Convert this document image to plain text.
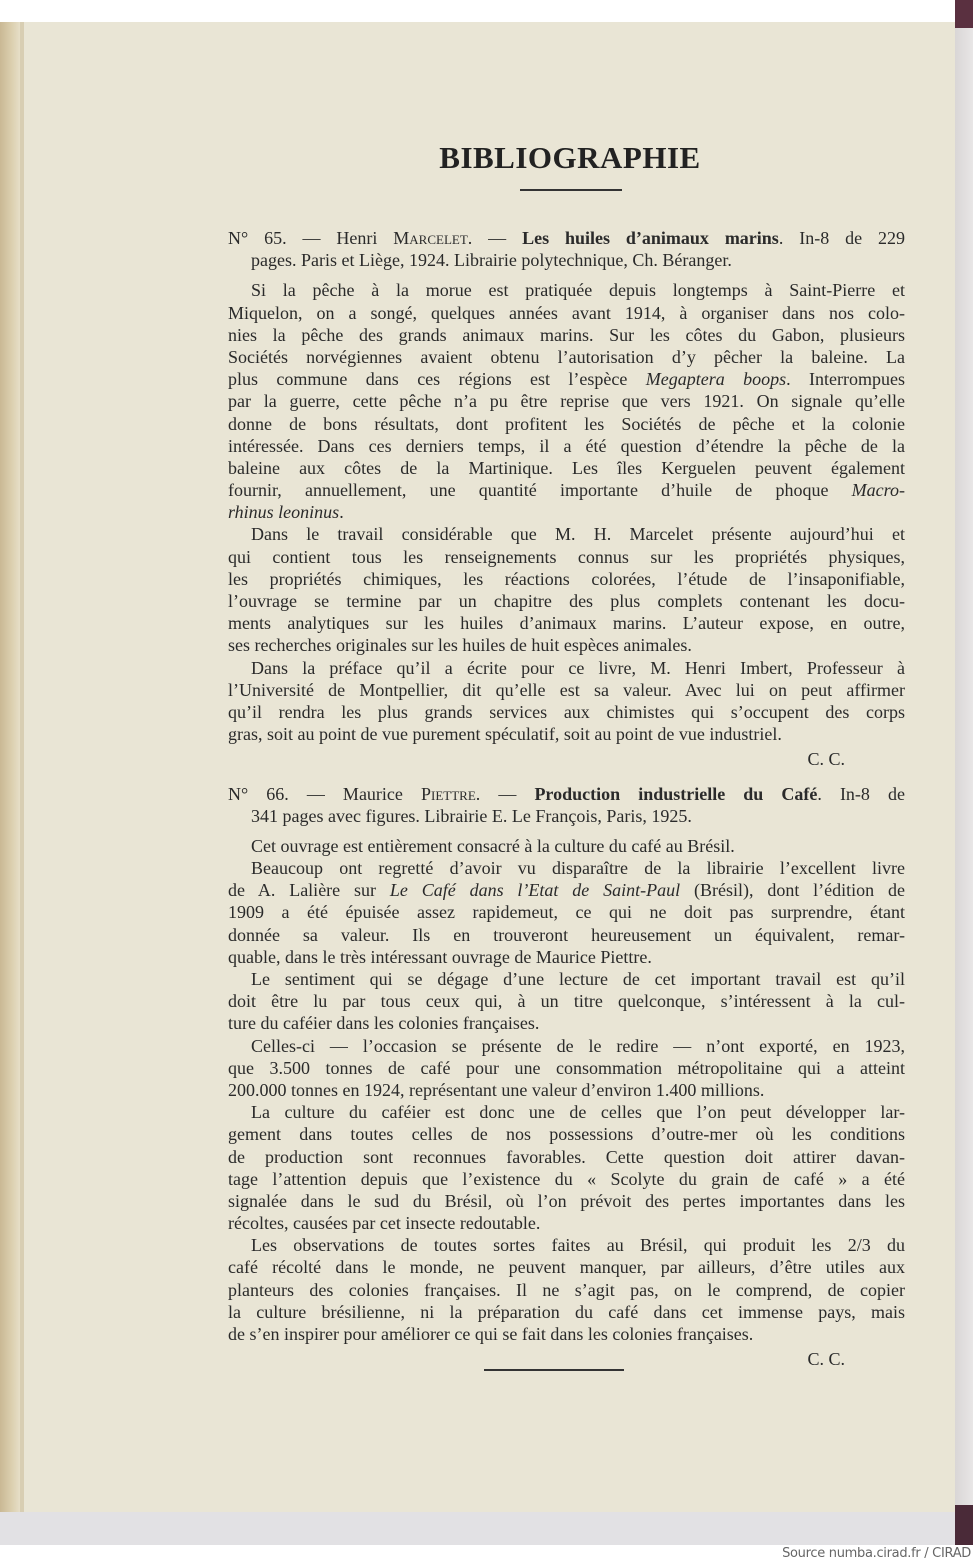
BIBLIOGRAPHIE
N° 65. — Henri Marcelet. — Les huiles d’animaux marins. In-8 de 229
pages. Paris et Liège, 1924. Librairie polytechnique, Ch. Béranger.
Si la pêche à la morue est pratiquée depuis longtemps à Saint-Pierre et
Miquelon, on a songé, quelques années avant 1914, à organiser dans nos colo-
nies la pêche des grands animaux marins. Sur les côtes du Gabon, plusieurs
Sociétés norvégiennes avaient obtenu l’autorisation d’y pêcher la baleine. La
plus commune dans ces régions est l’espèce Megaptera boops. Interrompues
par la guerre, cette pêche n’a pu être reprise que vers 1921. On signale qu’elle
donne de bons résultats, dont profitent les Sociétés de pêche et la colonie
intéressée. Dans ces derniers temps, il a été question d’étendre la pêche de la
baleine aux côtes de la Martinique. Les îles Kerguelen peuvent également
fournir, annuellement, une quantité importante d’huile de phoque Macro-
rhinus leoninus.
Dans le travail considérable que M. H. Marcelet présente aujourd’hui et
qui contient tous les renseignements connus sur les propriétés physiques,
les propriétés chimiques, les réactions colorées, l’étude de l’insaponifiable,
l’ouvrage se termine par un chapitre des plus complets contenant les docu-
ments analytiques sur les huiles d’animaux marins. L’auteur expose, en outre,
ses recherches originales sur les huiles de huit espèces animales.
Dans la préface qu’il a écrite pour ce livre, M. Henri Imbert, Professeur à
l’Université de Montpellier, dit qu’elle est sa valeur. Avec lui on peut affirmer
qu’il rendra les plus grands services aux chimistes qui s’occupent des corps
gras, soit au point de vue purement spéculatif, soit au point de vue industriel.
C. C.
N° 66. — Maurice Piettre. — Production industrielle du Café. In-8 de
341 pages avec figures. Librairie E. Le François, Paris, 1925.
Cet ouvrage est entièrement consacré à la culture du café au Brésil.
Beaucoup ont regretté d’avoir vu disparaître de la librairie l’excellent livre
de A. Lalière sur Le Café dans l’Etat de Saint-Paul (Brésil), dont l’édition de
1909 a été épuisée assez rapidemeut, ce qui ne doit pas surprendre, étant
donnée sa valeur. Ils en trouveront heureusement un équivalent, remar-
quable, dans le très intéressant ouvrage de Maurice Piettre.
Le sentiment qui se dégage d’une lecture de cet important travail est qu’il
doit être lu par tous ceux qui, à un titre quelconque, s’intéressent à la cul-
ture du caféier dans les colonies françaises.
Celles-ci — l’occasion se présente de le redire — n’ont exporté, en 1923,
que 3.500 tonnes de café pour une consommation métropolitaine qui a atteint
200.000 tonnes en 1924, représentant une valeur d’environ 1.400 millions.
La culture du caféier est donc une de celles que l’on peut développer lar-
gement dans toutes celles de nos possessions d’outre-mer où les conditions
de production sont reconnues favorables. Cette question doit attirer davan-
tage l’attention depuis que l’existence du « Scolyte du grain de café » a été
signalée dans le sud du Brésil, où l’on prévoit des pertes importantes dans les
récoltes, causées par cet insecte redoutable.
Les observations de toutes sortes faites au Brésil, qui produit les 2/3 du
café récolté dans le monde, ne peuvent manquer, par ailleurs, d’être utiles aux
planteurs des colonies françaises. Il ne s’agit pas, on le comprend, de copier
la culture brésilienne, ni la préparation du café dans cet immense pays, mais
de s’en inspirer pour améliorer ce qui se fait dans les colonies françaises.
C. C.
Source numba.cirad.fr / CIRAD
